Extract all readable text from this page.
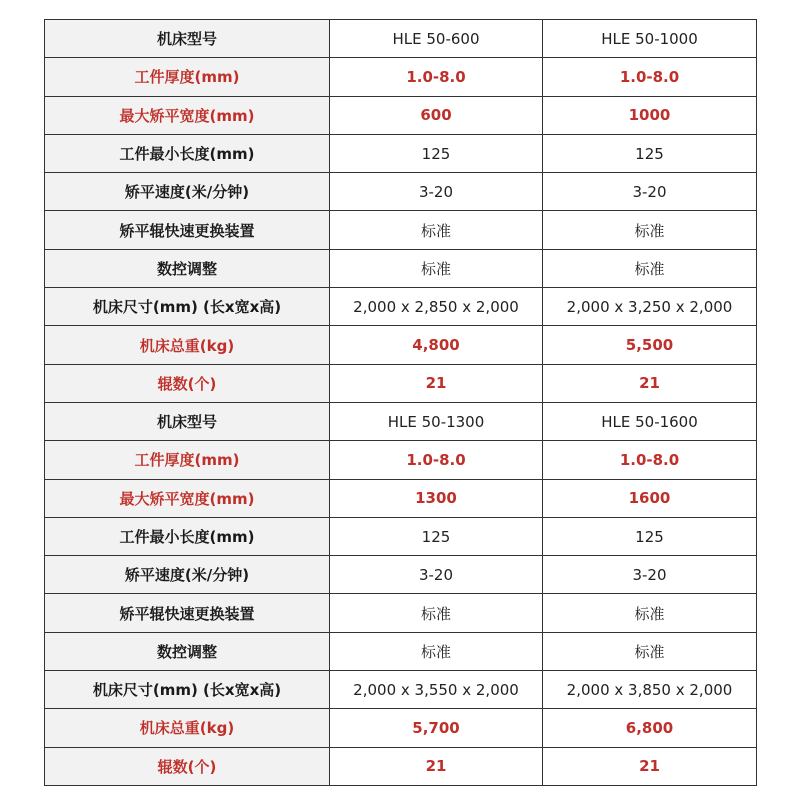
机床型号	HLE 50-600	HLE 50-1000
工件厚度(mm)	1.0-8.0	1.0-8.0
最大矫平宽度(mm)	600	1000
工件最小长度(mm)	125	125
矫平速度(米/分钟)	3-20	3-20
矫平辊快速更换装置	标准	标准
数控调整	标准	标准
机床尺寸(mm) (长x宽x高)	2,000 x 2,850 x 2,000	2,000 x 3,250 x 2,000
机床总重(kg)	4,800	5,500
辊数(个)	21	21
机床型号	HLE 50-1300	HLE 50-1600
工件厚度(mm)	1.0-8.0	1.0-8.0
最大矫平宽度(mm)	1300	1600
工件最小长度(mm)	125	125
矫平速度(米/分钟)	3-20	3-20
矫平辊快速更换装置	标准	标准
数控调整	标准	标准
机床尺寸(mm) (长x宽x高)	2,000 x 3,550 x 2,000	2,000 x 3,850 x 2,000
机床总重(kg)	5,700	6,800
辊数(个)	21	21
